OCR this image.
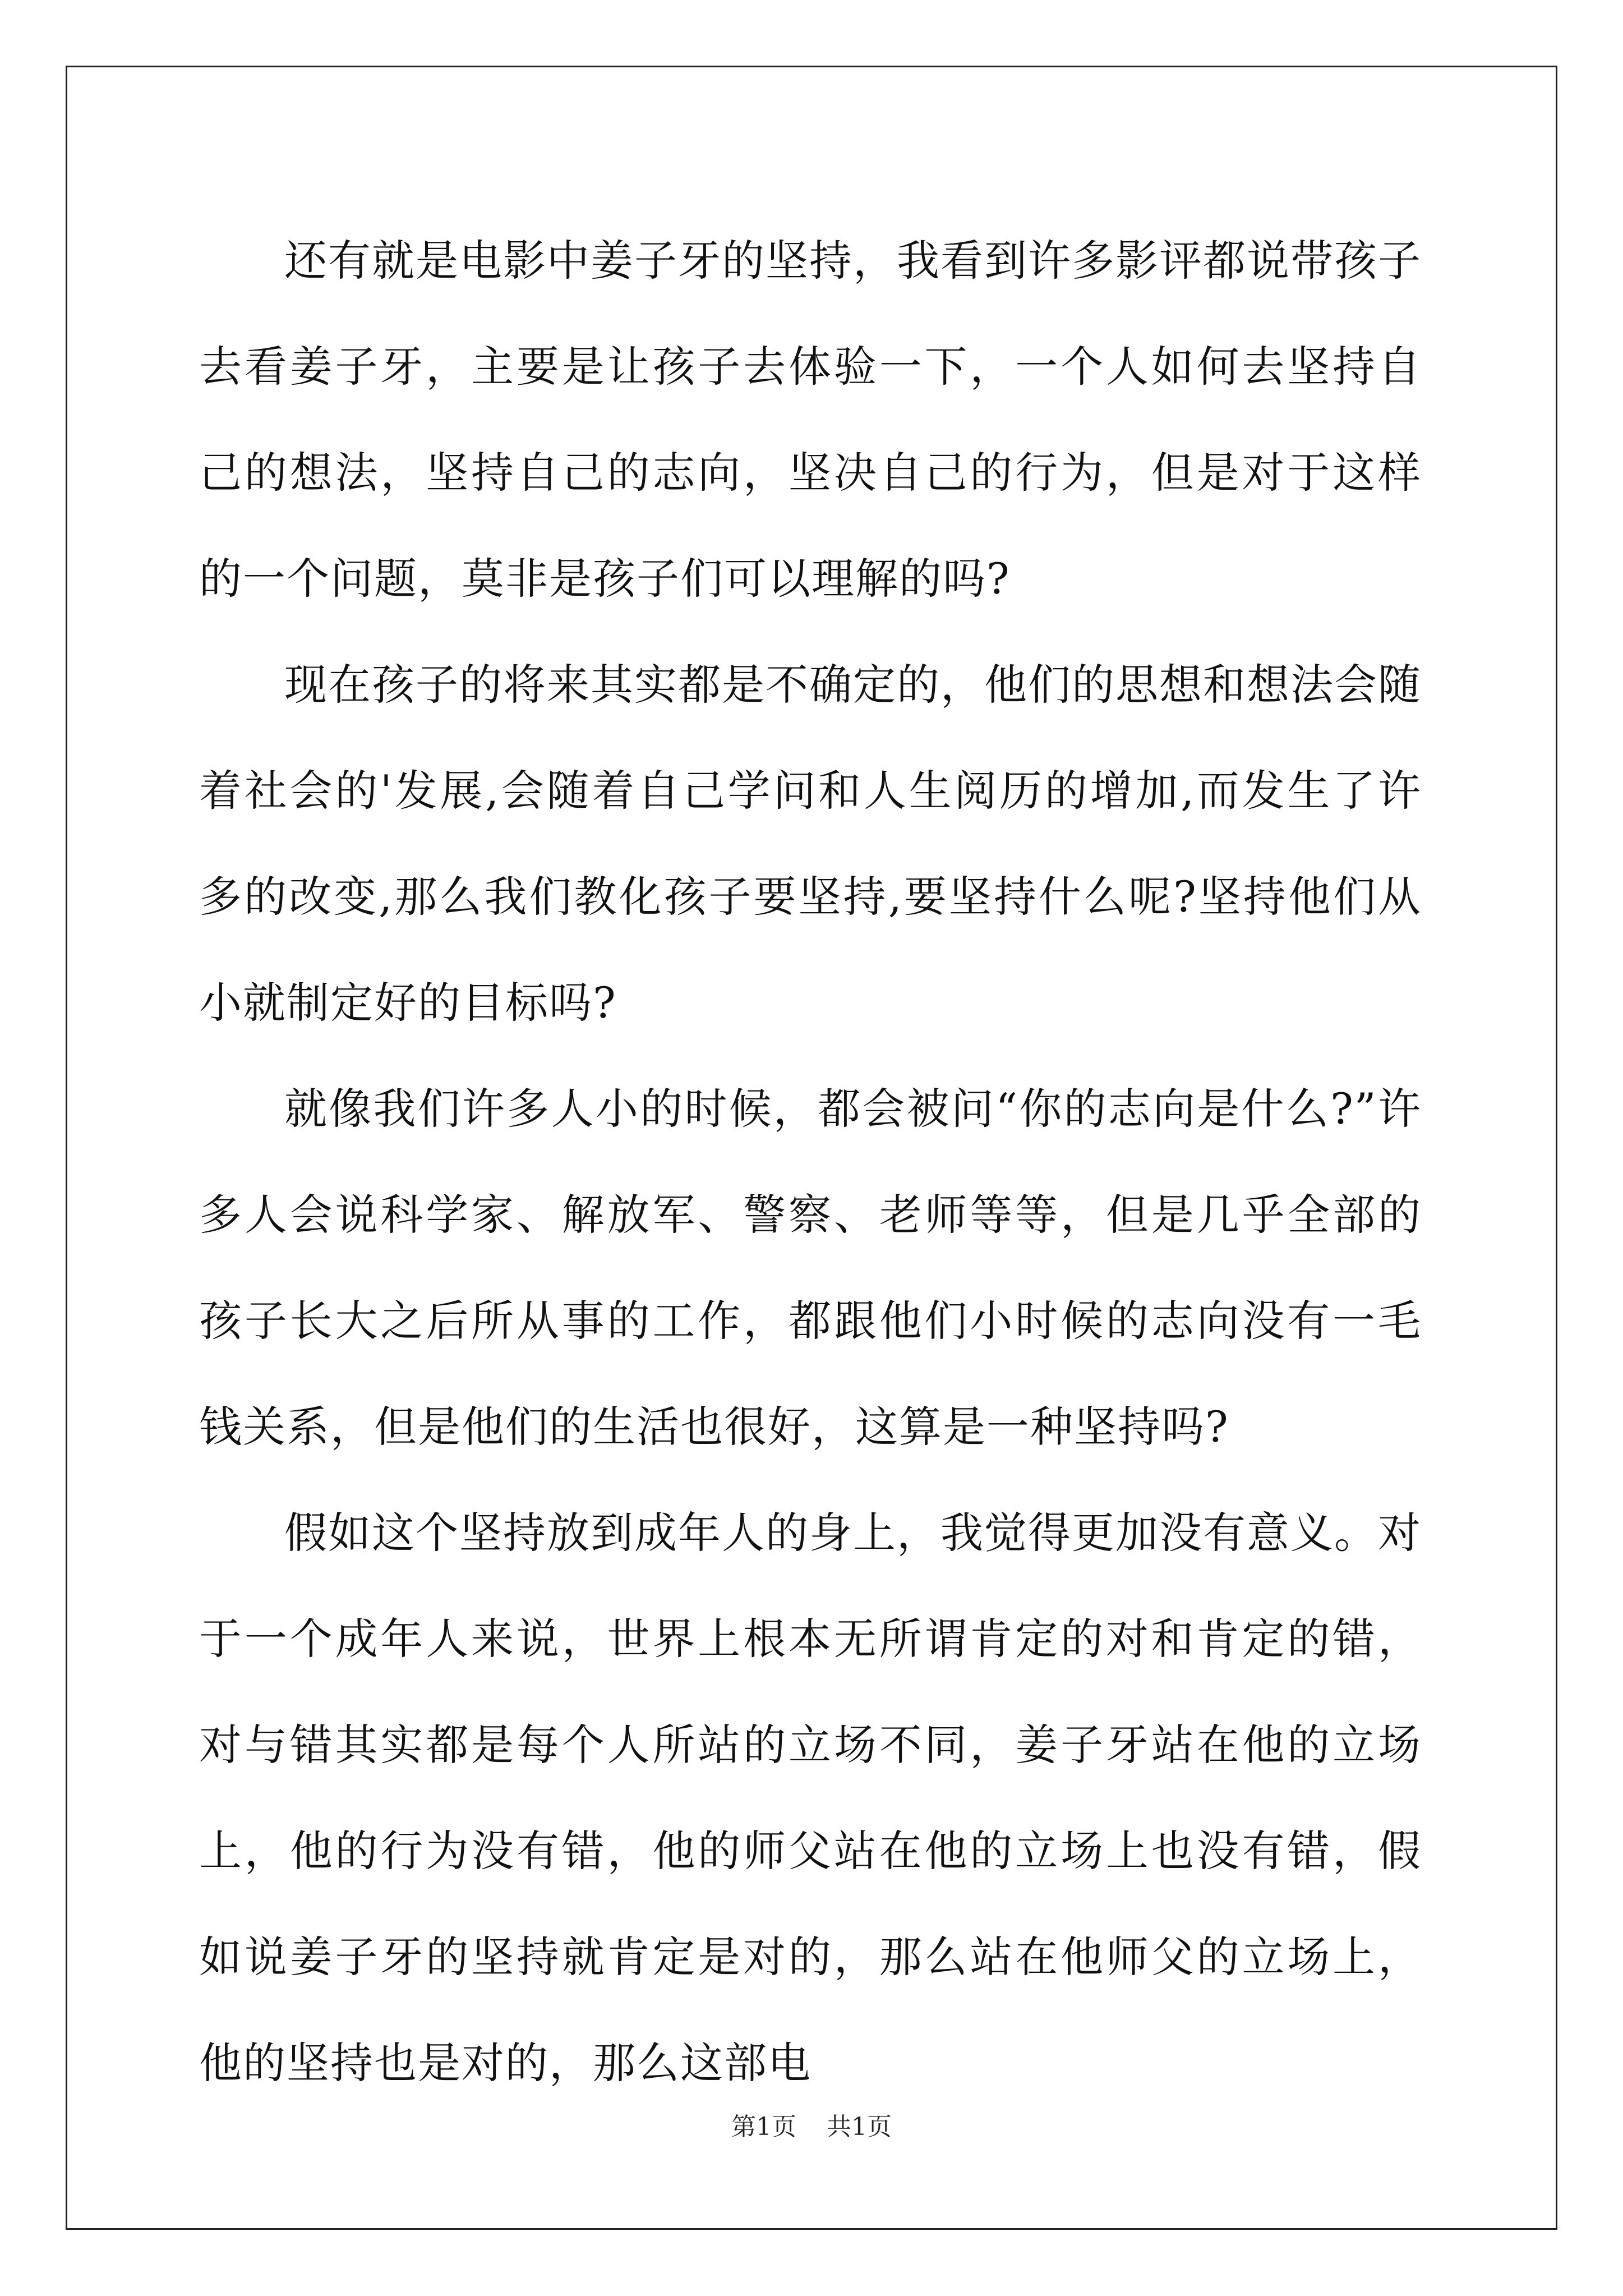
还有就是电影中姜子牙的坚持，我看到许多影评都说带孩子去看姜子牙，主要是让孩子去体验一下，一个人如何去坚持自己的想法，坚持自己的志向，坚决自己的行为，但是对于这样的一个问题，莫非是孩子们可以理解的吗?

现在孩子的将来其实都是不确定的，他们的思想和想法会随着社会的'发展,会随着自己学问和人生阅历的增加,而发生了许多的改变,那么我们教化孩子要坚持,要坚持什么呢?坚持他们从小就制定好的目标吗?

就像我们许多人小的时候，都会被问“你的志向是什么?”许多人会说科学家、解放军、警察、老师等等，但是几乎全部的孩子长大之后所从事的工作，都跟他们小时候的志向没有一毛钱关系，但是他们的生活也很好，这算是一种坚持吗?

假如这个坚持放到成年人的身上，我觉得更加没有意义。对于一个成年人来说，世界上根本无所谓肯定的对和肯定的错，对与错其实都是每个人所站的立场不同，姜子牙站在他的立场上，他的行为没有错，他的师父站在他的立场上也没有错，假如说姜子牙的坚持就肯定是对的，那么站在他师父的立场上，他的坚持也是对的，那么这部电

第1页 共1页
